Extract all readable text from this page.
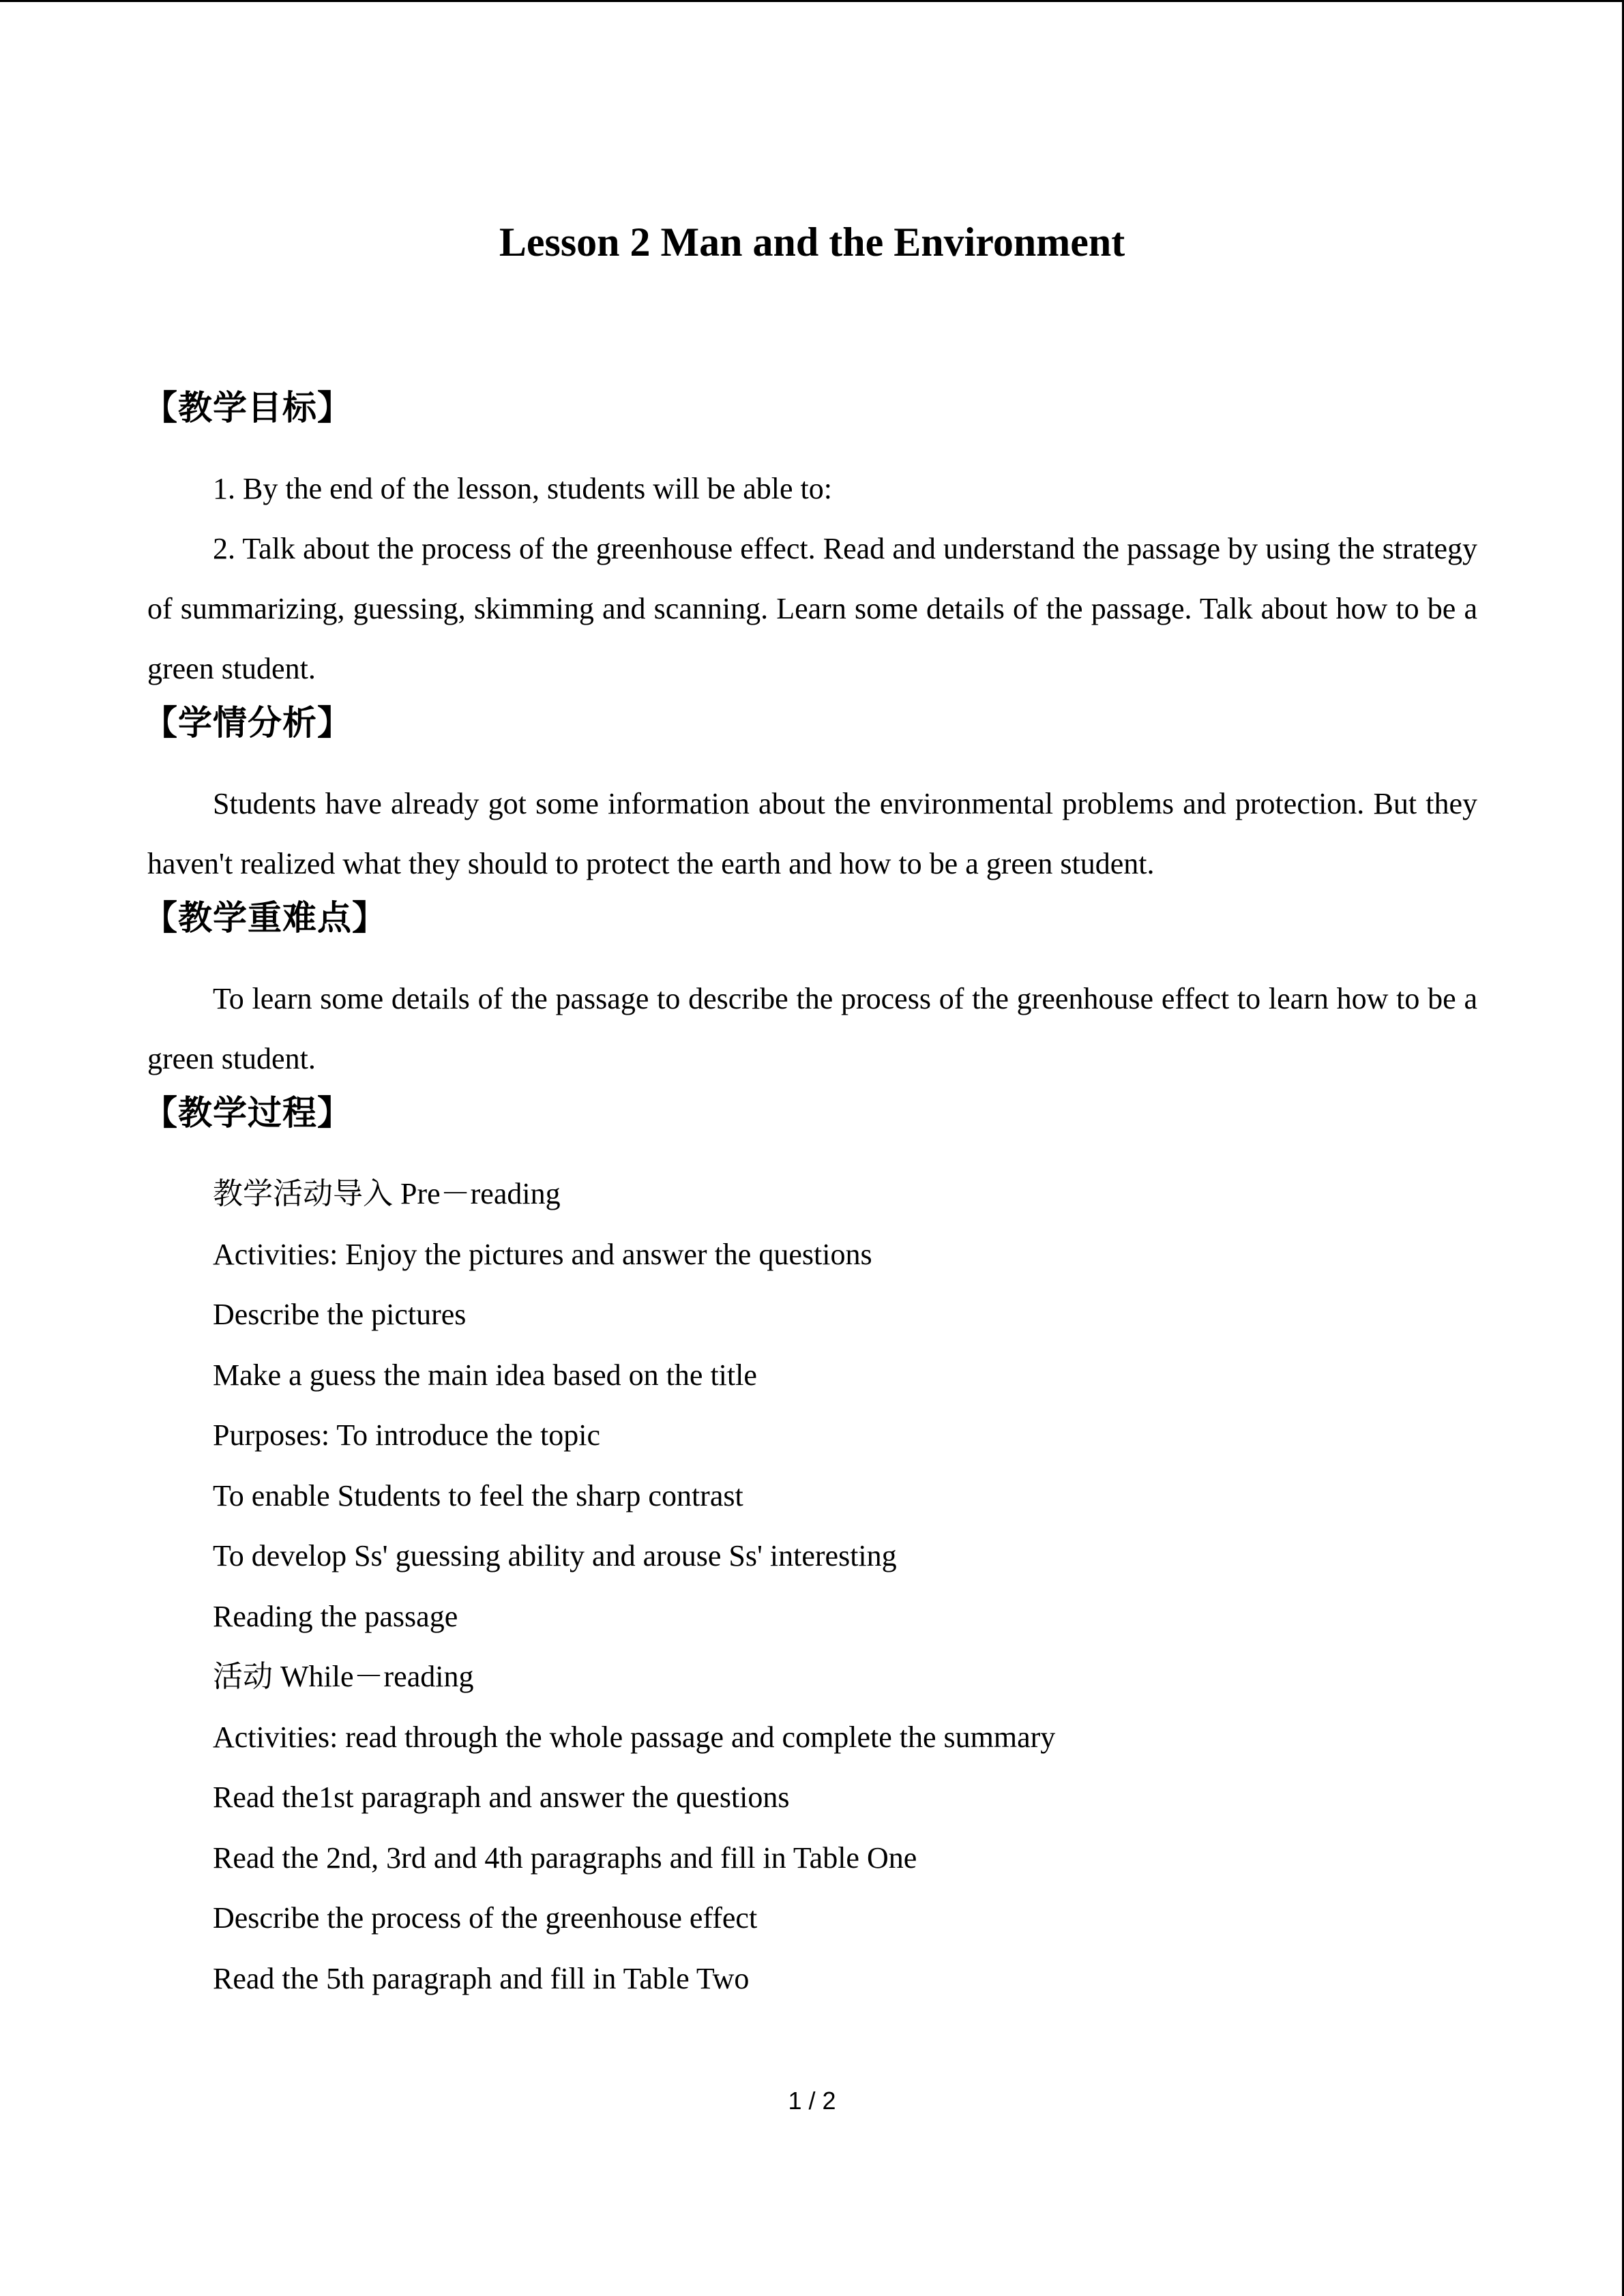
Lesson 2 Man and the Environment
【教学目标】

1. By the end of the lesson, students will be able to:

2. Talk about the process of the greenhouse effect. Read and understand the passage by using the strategy of summarizing, guessing, skimming and scanning. Learn some details of the passage. Talk about how to be a green student.

【学情分析】

Students have already got some information about the environmental problems and protection. But they haven't realized what they should to protect the earth and how to be a green student.

【教学重难点】

To learn some details of the passage to describe the process of the greenhouse effect to learn how to be a green student.

【教学过程】
教学活动导入 Pre－reading
Activities: Enjoy the pictures and answer the questions
Describe the pictures
Make a guess the main idea based on the title
Purposes: To introduce the topic
To enable Students to feel the sharp contrast
To develop Ss' guessing ability and arouse Ss' interesting
Reading the passage
活动 While－reading
Activities: read through the whole passage and complete the summary
Read the1st paragraph and answer the questions
Read the 2nd, 3rd and 4th paragraphs and fill in Table One
Describe the process of the greenhouse effect
Read the 5th paragraph and fill in Table Two
1 / 2
